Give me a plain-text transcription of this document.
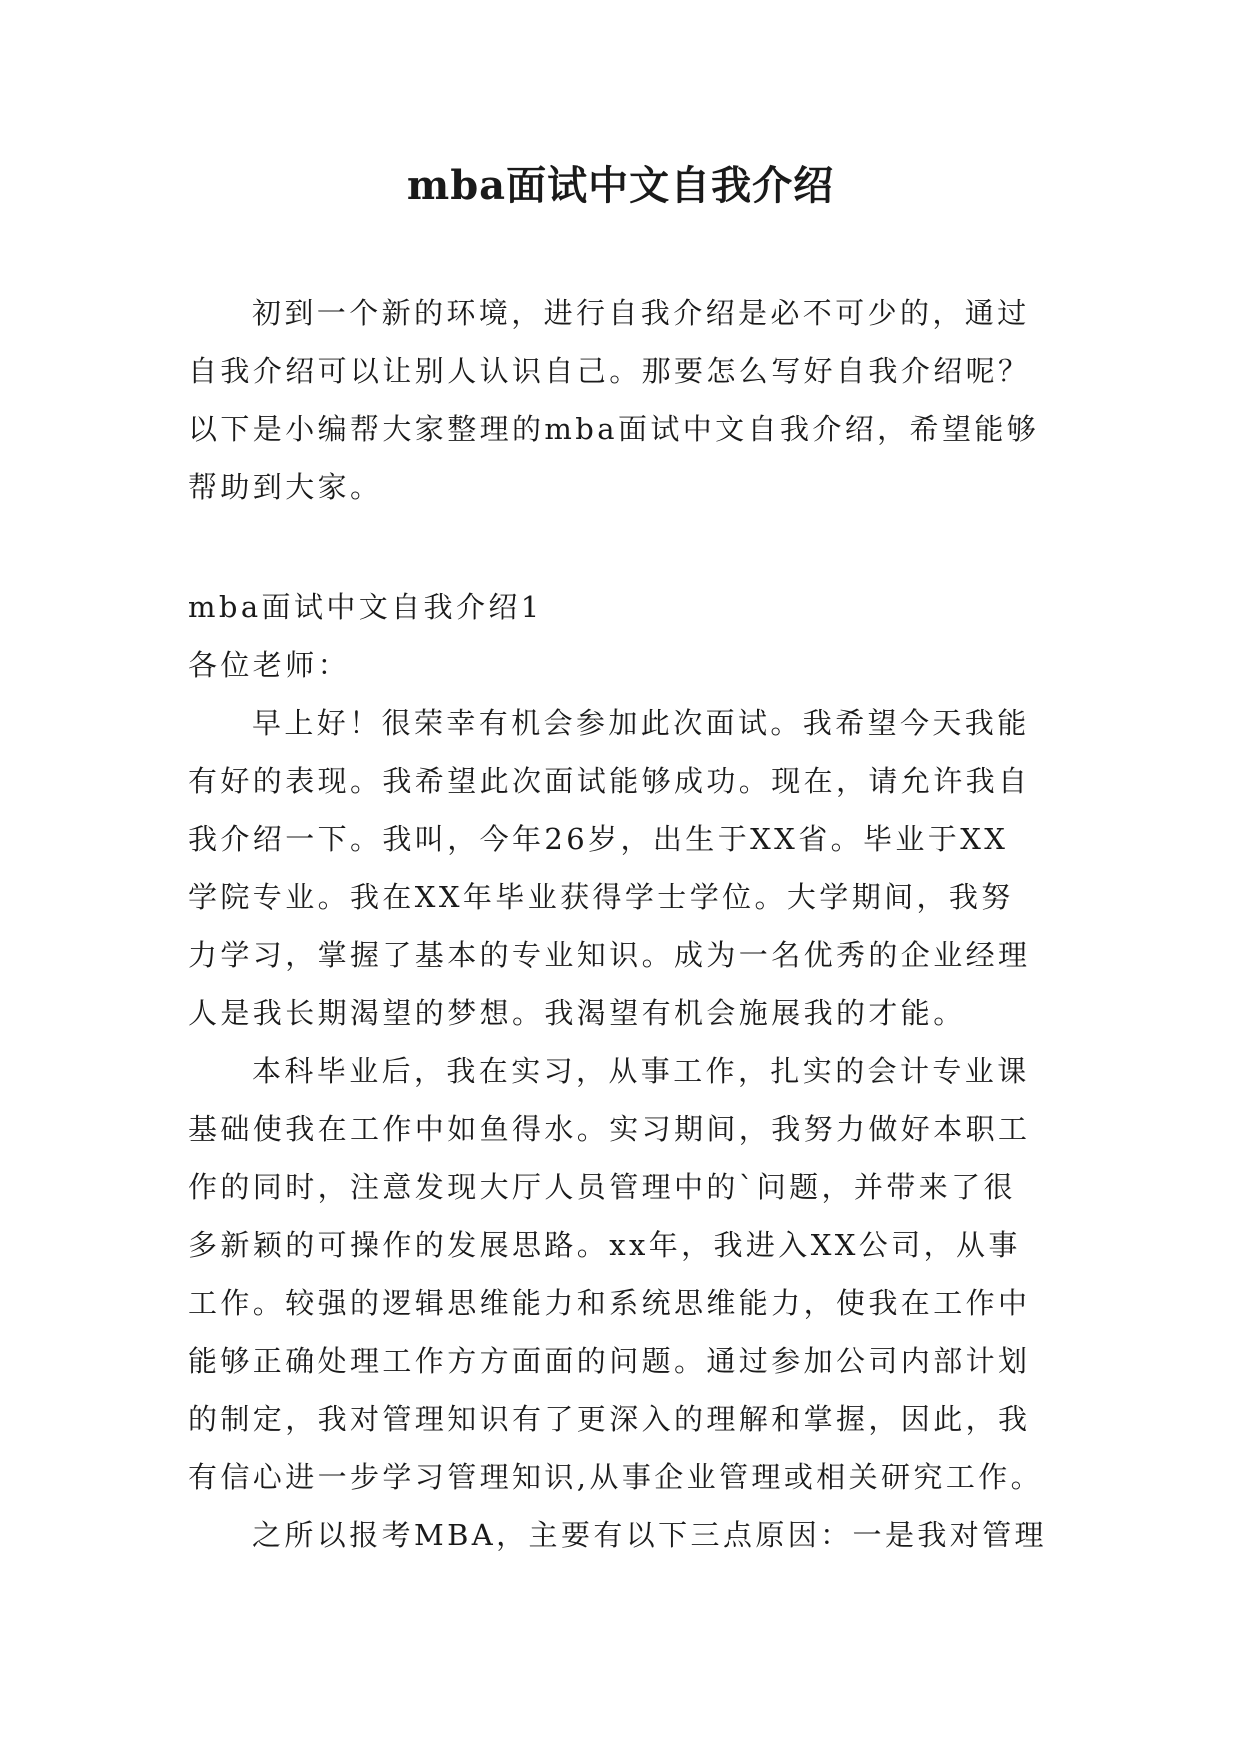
mba面试中文自我介绍
初到一个新的环境，进行自我介绍是必不可少的，通过
自我介绍可以让别人认识自己。那要怎么写好自我介绍呢？
以下是小编帮大家整理的mba面试中文自我介绍，希望能够
帮助到大家。
mba面试中文自我介绍1
各位老师：
早上好！很荣幸有机会参加此次面试。我希望今天我能
有好的表现。我希望此次面试能够成功。现在，请允许我自
我介绍一下。我叫，今年26岁，出生于XX省。毕业于XX
学院专业。我在XX年毕业获得学士学位。大学期间，我努
力学习，掌握了基本的专业知识。成为一名优秀的企业经理
人是我长期渴望的梦想。我渴望有机会施展我的才能。
本科毕业后，我在实习，从事工作，扎实的会计专业课
基础使我在工作中如鱼得水。实习期间，我努力做好本职工
作的同时，注意发现大厅人员管理中的`问题，并带来了很
多新颖的可操作的发展思路。xx年，我进入XX公司，从事
工作。较强的逻辑思维能力和系统思维能力，使我在工作中
能够正确处理工作方方面面的问题。通过参加公司内部计划
的制定，我对管理知识有了更深入的理解和掌握，因此，我
有信心进一步学习管理知识,从事企业管理或相关研究工作。
之所以报考MBA，主要有以下三点原因：一是我对管理
